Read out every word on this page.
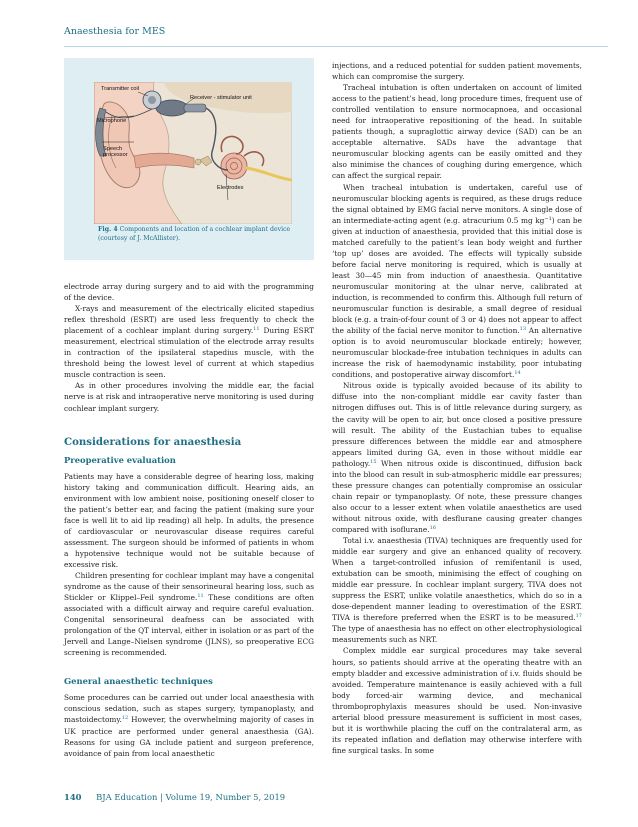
Anaesthesia for MES
Transmitter coil
Receiver - stimulator unit
Microphone
Speech
processor
Electrodes
Fig. 4 Components and location of a cochlear implant device (courtesy of J. McAllister).

electrode array during surgery and to aid with the programming of the device.

X-rays and measurement of the electrically elicited stapedius reflex threshold (ESRT) are used less frequently to check the placement of a cochlear implant during surgery.$^{11}$ During ESRT measurement, electrical stimulation of the electrode array results in contraction of the ipsilateral stapedius muscle, with the threshold being the lowest level of current at which stapedius muscle contraction is seen.

As in other procedures involving the middle ear, the facial nerve is at risk and intraoperative nerve monitoring is used during cochlear implant surgery.

Considerations for anaesthesia
Preoperative evaluation

Patients may have a considerable degree of hearing loss, making history taking and communication difficult. Hearing aids, an environment with low ambient noise, positioning oneself closer to the patient’s better ear, and facing the patient (making sure your face is well lit to aid lip reading) all help. In adults, the presence of cardiovascular or neurovascular disease requires careful assessment. The surgeon should be informed of patients in whom a hypotensive technique would not be suitable because of excessive risk.

Children presenting for cochlear implant may have a congenital syndrome as the cause of their sensorineural hearing loss, such as Stickler or Klippel–Feil syndrome.$^{11}$ These conditions are often associated with a difficult airway and require careful evaluation. Congenital sensorineural deafness can be associated with prolongation of the QT interval, either in isolation or as part of the Jervell and Lange–Nielsen syndrome (JLNS), so preoperative ECG screening is recommended.

General anaesthetic techniques

Some procedures can be carried out under local anaesthesia with conscious sedation, such as stapes surgery, tympanoplasty, and mastoidectomy.$^{12}$ However, the overwhelming majority of cases in UK practice are performed under general anaesthesia (GA). Reasons for using GA include patient and surgeon preference, avoidance of pain from local anaesthetic

injections, and a reduced potential for sudden patient movements, which can compromise the surgery.

Tracheal intubation is often undertaken on account of limited access to the patient’s head, long procedure times, frequent use of controlled ventilation to ensure normocapnoea, and occasional need for intraoperative repositioning of the head. In suitable patients though, a supraglottic airway device (SAD) can be an acceptable alternative. SADs have the advantage that neuromuscular blocking agents can be easily omitted and they also minimise the chances of coughing during emergence, which can affect the surgical repair.

When tracheal intubation is undertaken, careful use of neuromuscular blocking agents is required, as these drugs reduce the signal obtained by EMG facial nerve monitors. A single dose of an intermediate-acting agent (e.g. atracurium 0.5 mg $kg^{-1}$) can be given at induction of anaesthesia, provided that this initial dose is matched carefully to the patient’s lean body weight and further ‘top up’ doses are avoided. The effects will typically subside before facial nerve monitoring is required, which is usually at least 30—45 min from induction of anaesthesia. Quantitative neuromuscular monitoring at the ulnar nerve, calibrated at induction, is recommended to confirm this. Although full return of neuromuscular function is desirable, a small degree of residual block (e.g. a train-of-four count of 3 or 4) does not appear to affect the ability of the facial nerve monitor to function.$^{13}$ An alternative option is to avoid neuromuscular blockade entirely; however, neuromuscular blockade-free intubation techniques in adults can increase the risk of haemodynamic instability, poor intubating conditions, and postoperative airway discomfort.$^{14}$

Nitrous oxide is typically avoided because of its ability to diffuse into the non-compliant middle ear cavity faster than nitrogen diffuses out. This is of little relevance during surgery, as the cavity will be open to air, but once closed a positive pressure will result. The ability of the Eustachian tubes to equalise pressure differences between the middle ear and atmosphere appears limited during GA, even in those without middle ear pathology.$^{15}$ When nitrous oxide is discontinued, diffusion back into the blood can result in sub-atmospheric middle ear pressures; these pressure changes can potentially compromise an ossicular chain repair or tympanoplasty. Of note, these pressure changes also occur to a lesser extent when volatile anaesthetics are used without nitrous oxide, with desflurane causing greater changes compared with isoflurane.$^{16}$

Total i.v. anaesthesia (TIVA) techniques are frequently used for middle ear surgery and give an enhanced quality of recovery. When a target-controlled infusion of remifentanil is used, extubation can be smooth, minimising the effect of coughing on middle ear pressure. In cochlear implant surgery, TIVA does not suppress the ESRT, unlike volatile anaesthetics, which do so in a dose-dependent manner leading to overestimation of the ESRT. TIVA is therefore preferred when the ESRT is to be measured.$^{17}$ The type of anaesthesia has no effect on other electrophysiological measurements such as NRT.

Complex middle ear surgical procedures may take several hours, so patients should arrive at the operating theatre with an empty bladder and excessive administration of i.v. fluids should be avoided. Temperature maintenance is easily achieved with a full body forced-air warming device, and mechanical thromboprophylaxis measures should be used. Non-invasive arterial blood pressure measurement is sufficient in most cases, but it is worthwhile placing the cuff on the contralateral arm, as its repeated inflation and deflation may otherwise interfere with fine surgical tasks. In some

140 BJA Education | Volume 19, Number 5, 2019
